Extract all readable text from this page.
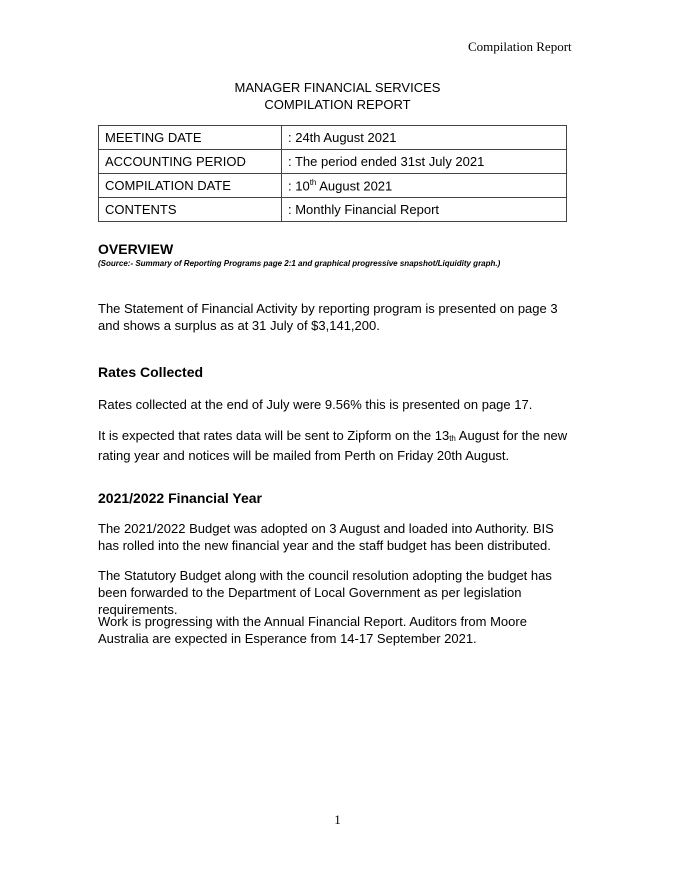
Compilation Report
MANAGER FINANCIAL SERVICES
COMPILATION REPORT
MEETING DATE	: 24th August 2021
ACCOUNTING PERIOD	: The period ended 31st July 2021
COMPILATION DATE	: 10th August 2021
CONTENTS	: Monthly Financial Report
OVERVIEW
(Source:- Summary of Reporting Programs page 2:1 and graphical progressive snapshot/Liquidity graph.)
The Statement of Financial Activity by reporting program is presented on page 3 and shows a surplus as at 31 July of $3,141,200.
Rates Collected
Rates collected at the end of July were 9.56% this is presented on page 17.
It is expected that rates data will be sent to Zipform on the $13_{th}$ August for the new rating year and notices will be mailed from Perth on Friday 20th August.
2021/2022 Financial Year
The 2021/2022 Budget was adopted on 3 August and loaded into Authority. BIS has rolled into the new financial year and the staff budget has been distributed.
The Statutory Budget along with the council resolution adopting the budget has been forwarded to the Department of Local Government as per legislation requirements.
Work is progressing with the Annual Financial Report. Auditors from Moore Australia are expected in Esperance from 14-17 September 2021.
1
